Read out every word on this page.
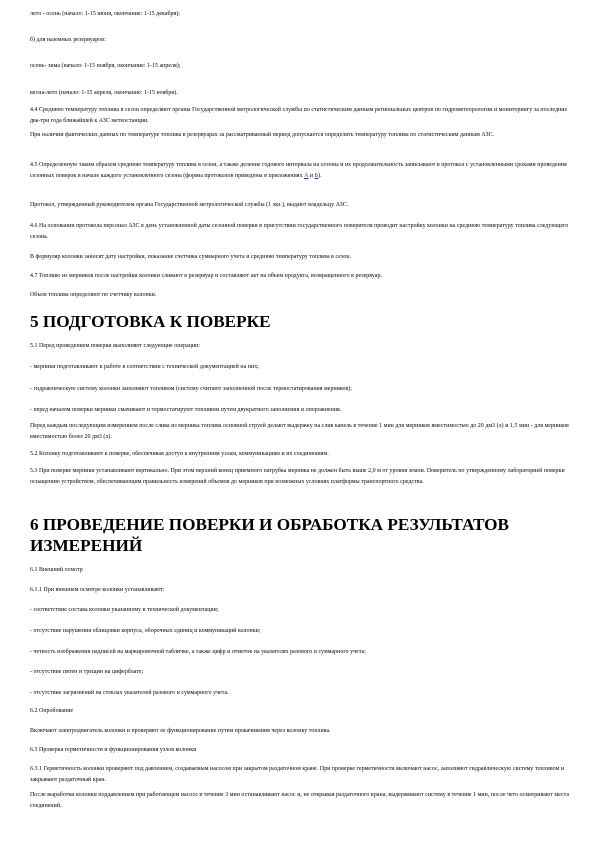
лето - осень (начало: 1-15 июня, окончание: 1-15 декабря);

б) для наземных резервуаров:

осень- зима (начало: 1-15 ноября, окончание: 1-15 апреля);

весна-лето (начало: 1-15 апреля, окончание: 1-15 ноября).

4.4 Среднюю температуру топлива в сезон определяют органы Государственной метрологической службы по статистическим данным региональных центров по гидрометеорологии и мониторингу за последние два-три года ближайшей к АЗС метеостанции.

При наличии фактических данных по температуре топлива в резервуарах за рассматриваемый период допускается определять температуру топлива по статистическим данным АЗС.

4.5 Определенную таким образом среднюю температуру топлива в сезон, а также деление годового интервала на сезоны и их продолжительность записывают в протокол с установленными сроками проведения сезонных поверок в начале каждого установленного сезона (формы протоколов приведены в приложениях А и Б).

Протокол, утвержденный руководителем органа Государственной метрологической службы (1 экз.), выдают владельцу АЗС.

4.6 На основании протокола персонал АЗС в день установленной даты сезонной поверки в присутствии государственного поверителя проводит настройку колонки на среднюю температуру топлива следующего сезона.

В формуляр колонки заносят дату настройки, показание счетчика суммарного учета и среднюю температуру топлива в сезон.

4.7 Топливо из мерников после настройки колонки сливают в резервуар и составляют акт на объем продукта, возвращенного в резервуар.

Объем топлива определяют по счетчику колонки.

5 ПОДГОТОВКА К ПОВЕРКЕ

5.1 Перед проведением поверки выполняют следующие операции:

- мерники подготавливают к работе в соответствии с технической документацией на них;

- гидравлическую систему колонки заполняют топливом (систему считают заполненной после термостатирования мерников);

- перед началом поверки мерники смачивают и термостатируют топливом путем двукратного заполнения и опорожнения.

Перед каждым последующим измерением после слива из мерника топлива основной струей делают выдержку на слив капель в течение 1 мин для мерников вместимостью до 20 дм3 (л) и 1,5 мин - для мерников вместимостью более 20 дм3 (л).

5.2 Колонку подготавливают к поверке, обеспечивая доступ к внутренним узлам, коммуникациям и их соединениям.

5.3 При поверке мерники устанавливают вертикально. При этом верхний конец приемного патрубка мерника не должен быть выше 2,0 м от уровня земли. Поверитель по утвержденному лабораторией поверки оснащению устройством, обеспечивающим правильность измерений объемов до мерников при возможных условиях платформы транспортного средства.

6 ПРОВЕДЕНИЕ ПОВЕРКИ И ОБРАБОТКА РЕЗУЛЬТАТОВ
ИЗМЕРЕНИЙ

6.1 Внешний осмотр

6.1.1 При внешнем осмотре колонки устанавливают:

- соответствие состава колонки указанному в технической документации;

- отсутствие нарушения облицовки корпуса, оборочных единиц и коммуникаций колонки;

- четкость изображения надписей на маркировочной табличке, а также цифр и отметок на указателях разового и суммарного учета;

- отсутствие пятен и трещин на циферблате;

- отсутствие загрязнений на стеклах указателей разового и суммарного учета.

6.2 Опробование

Включают электродвигатель колонки и проверяют ее функционирование путем прокачивания через колонку топлива.

6.3 Проверка герметичности и функционирования узлов колонки

6.3.1 Герметичность колонки проверяют под давлением, создаваемым насосом при закрытом раздаточном кране. При проверке герметичности включают насос, заполняют гидравлическую систему топливом и закрывают раздаточный кран.

После выработки колонки поддавлением при работающем насосе в течение 3 мин останавливают насос и, не открывая раздаточного крана, выдерживают систему в течение 1 мин, после чего осматривают места соединений.
